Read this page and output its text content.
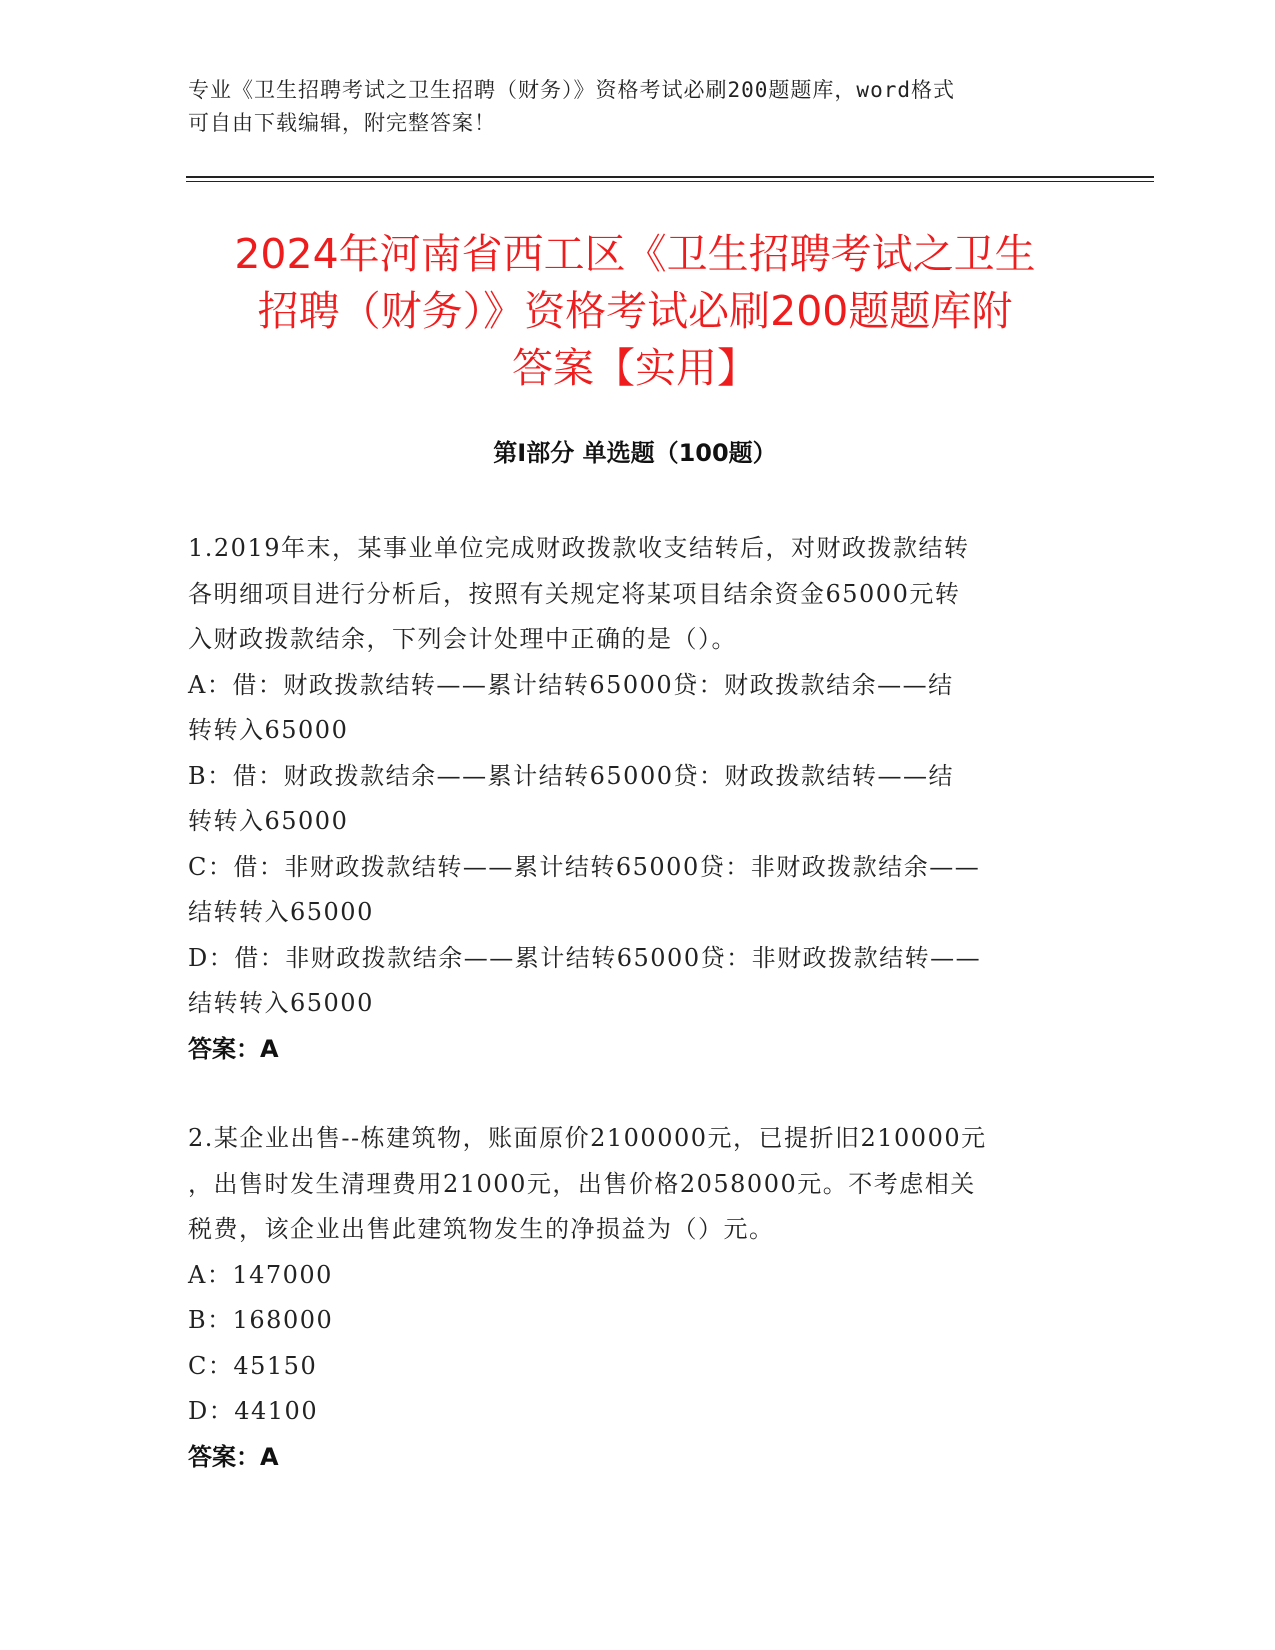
专业《卫生招聘考试之卫生招聘（财务）》资格考试必刷200题题库，word格式
可自由下载编辑，附完整答案！
2024年河南省西工区《卫生招聘考试之卫生
招聘（财务）》资格考试必刷200题题库附
答案【实用】
第Ⅰ部分 单选题（100题）

1.2019年末，某事业单位完成财政拨款收支结转后，对财政拨款结转

各明细项目进行分析后，按照有关规定将某项目结余资金65000元转

入财政拨款结余，下列会计处理中正确的是（）。

A：借：财政拨款结转——累计结转65000贷：财政拨款结余——结

转转入65000

B：借：财政拨款结余——累计结转65000贷：财政拨款结转——结

转转入65000

C：借：非财政拨款结转——累计结转65000贷：非财政拨款结余——

结转转入65000

D：借：非财政拨款结余——累计结转65000贷：非财政拨款结转——

结转转入65000

答案：A

2.某企业出售--栋建筑物，账面原价2100000元，已提折旧210000元

，出售时发生清理费用21000元，出售价格2058000元。不考虑相关

税费，该企业出售此建筑物发生的净损益为（）元。

A：147000

B：168000

C：45150

D：44100

答案：A
